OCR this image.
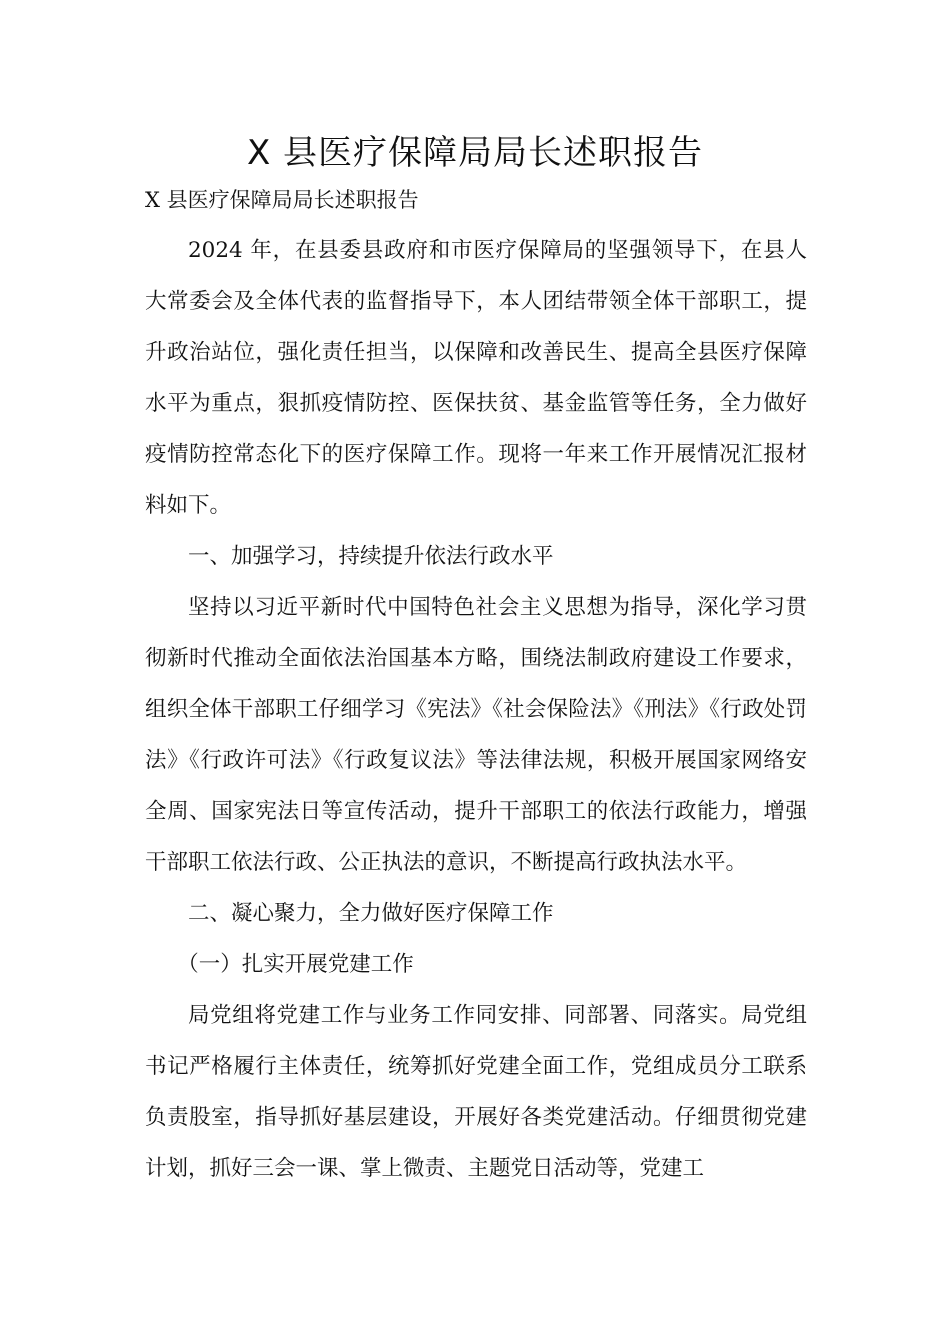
X 县医疗保障局局长述职报告

X 县医疗保障局局长述职报告

2024 年，在县委县政府和市医疗保障局的坚强领导下，在县人大常委会及全体代表的监督指导下，本人团结带领全体干部职工，提升政治站位，强化责任担当，以保障和改善民生、提高全县医疗保障水平为重点，狠抓疫情防控、医保扶贫、基金监管等任务，全力做好疫情防控常态化下的医疗保障工作。现将一年来工作开展情况汇报材料如下。

一、加强学习，持续提升依法行政水平

坚持以习近平新时代中国特色社会主义思想为指导，深化学习贯彻新时代推动全面依法治国基本方略，围绕法制政府建设工作要求，组织全体干部职工仔细学习《宪法》《社会保险法》《刑法》《行政处罚法》《行政许可法》《行政复议法》等法律法规，积极开展国家网络安全周、国家宪法日等宣传活动，提升干部职工的依法行政能力，增强干部职工依法行政、公正执法的意识，不断提高行政执法水平。

二、凝心聚力，全力做好医疗保障工作

（一）扎实开展党建工作

局党组将党建工作与业务工作同安排、同部署、同落实。局党组书记严格履行主体责任，统筹抓好党建全面工作，党组成员分工联系负责股室，指导抓好基层建设，开展好各类党建活动。仔细贯彻党建计划，抓好三会一课、掌上微责、主题党日活动等，党建工
